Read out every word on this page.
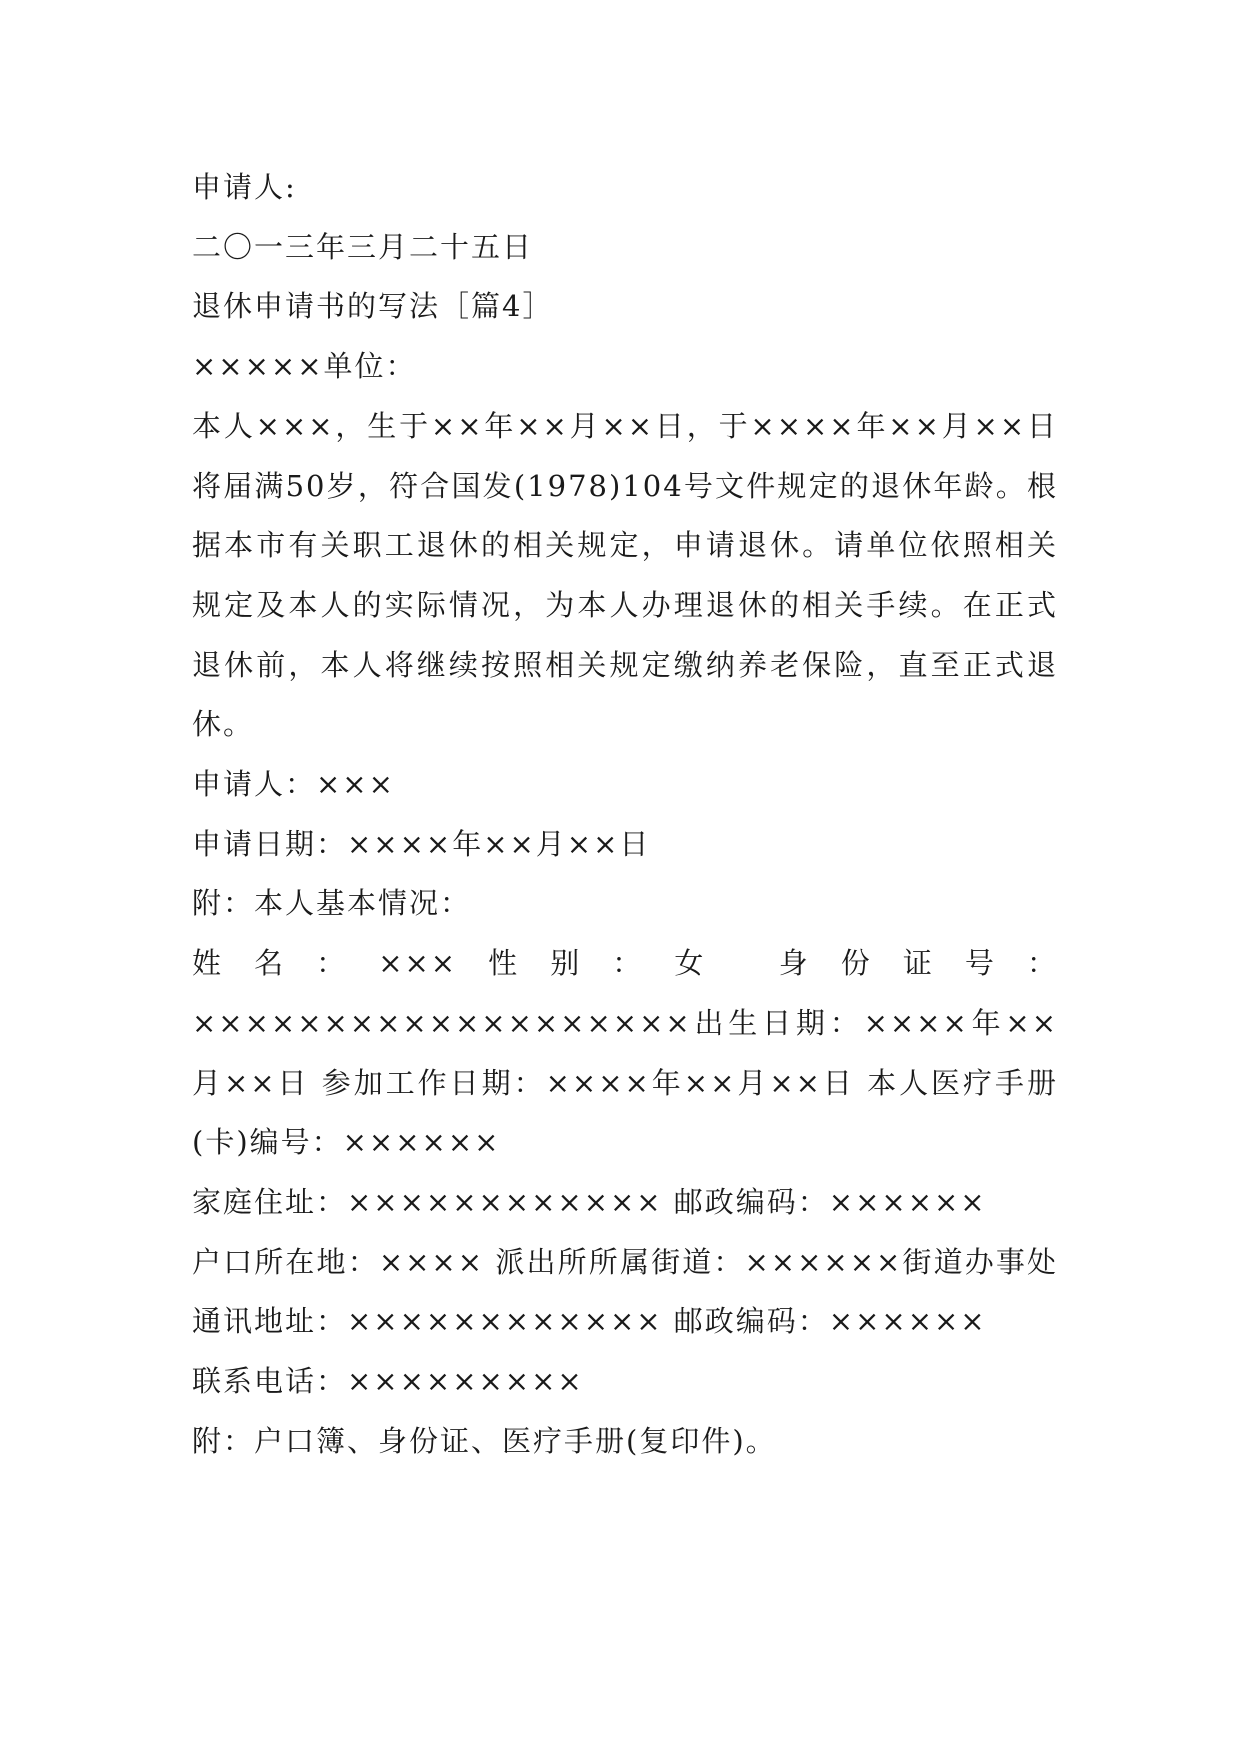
申请人:

二〇一三年三月二十五日

退休申请书的写法［篇4］

×××××单位：

本人×××，生于××年××月××日，于××××年××月××日将届满50岁，符合国发(1978)104号文件规定的退休年龄。根据本市有关职工退休的相关规定，申请退休。请单位依照相关规定及本人的实际情况，为本人办理退休的相关手续。在正式退休前，本人将继续按照相关规定缴纳养老保险，直至正式退休。

申请人：×××

申请日期：××××年××月××日

附：本人基本情况：

姓名：×××性别：女 身份证号：×××××××××××××××××××出生日期：××××年××月××日 参加工作日期：××××年××月××日 本人医疗手册(卡)编号：××××××

家庭住址：×××××××××××× 邮政编码：××××××

户口所在地：×××× 派出所所属街道：××××××街道办事处 通讯地址：×××××××××××× 邮政编码：××××××

联系电话：×××××××××

附：户口簿、身份证、医疗手册(复印件)。
